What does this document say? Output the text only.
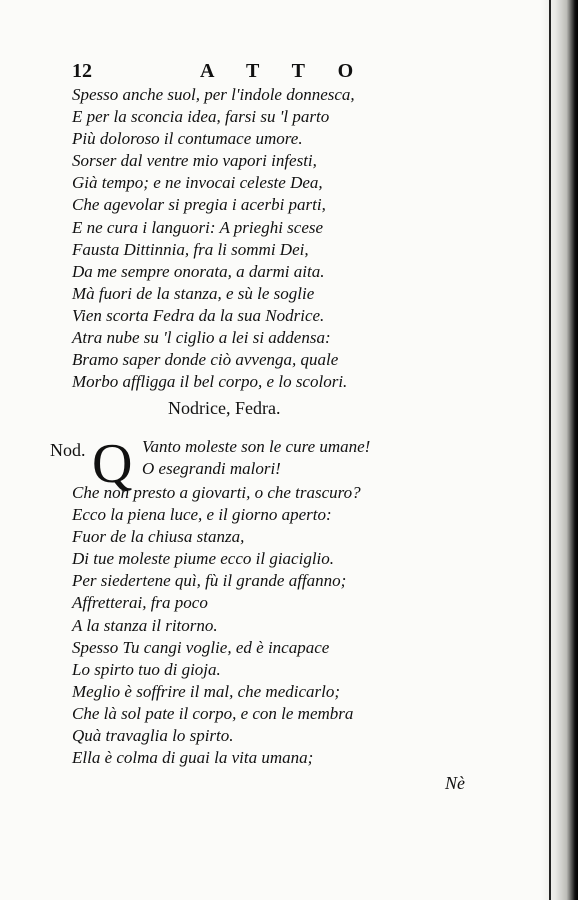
12	A T T O
Spesso anche suol, per l'indole donnesca,
E per la sconcia idea, farsi su 'l parto
Più doloroso il contumace umore.
Sorser dal ventre mio vapori infesti,
Già tempo; e ne invocai celeste Dea,
Che agevolar si pregia i acerbi parti,
E ne cura i languori: A prieghi scese
Fausta Dittinnia, fra li sommi Dei,
Da me sempre onorata, a darmi aita.
Mà fuori de la stanza, e sù le soglie
Vien scorta Fedra da la sua Nodrice.
Atra nube su 'l ciglio a lei si addensa:
Bramo saper donde ciò avvenga, quale
Morbo affligga il bel corpo, e lo scolori.
Nodrice, Fedra.
Nod. Q Vanto moleste son le cure umane!
O esegrandi malori!
Che non presto a giovarti, o che trascuro?
Ecco la piena luce, e il giorno aperto:
Fuor de la chiusa stanza,
Di tue moleste piume ecco il giaciglio.
Per siedertene quì, fù il grande affanno;
Affretterai, fra poco
A la stanza il ritorno.
Spesso Tu cangi voglie, ed è incapace
Lo spirto tuo di gioja.
Meglio è soffrire il mal, che medicarlo;
Che là sol pate il corpo, e con le membra
Quà travaglia lo spirto.
Ella è colma di guai la vita umana;
Nè
